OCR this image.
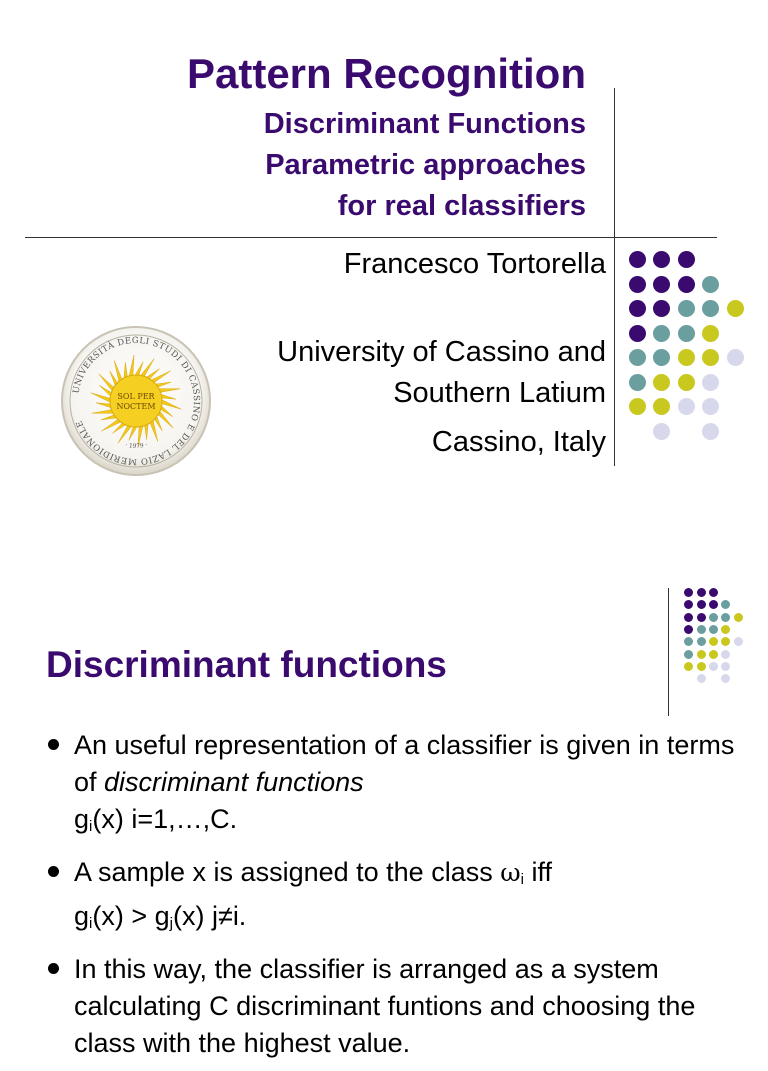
Pattern Recognition
Discriminant Functions
Parametric approaches
for real classifiers
Francesco Tortorella
University of Cassino and
Southern Latium
Cassino, Italy
UNIVERSITÀ DEGLI STUDI DI CASSINO E DEL LAZIO MERIDIONALE
SOL PER
NOCTEM
· 1979 ·
Discriminant functions
An useful representation of a classifier is given in terms of discriminant functions
$g_i(x)$ i=1,…,C.
A sample x is assigned to the class $\omega_i$ iff
$g_i(x) > g_j(x)$ j≠i.
In this way, the classifier is arranged as a system calculating C discriminant funtions and choosing the class with the highest value.
